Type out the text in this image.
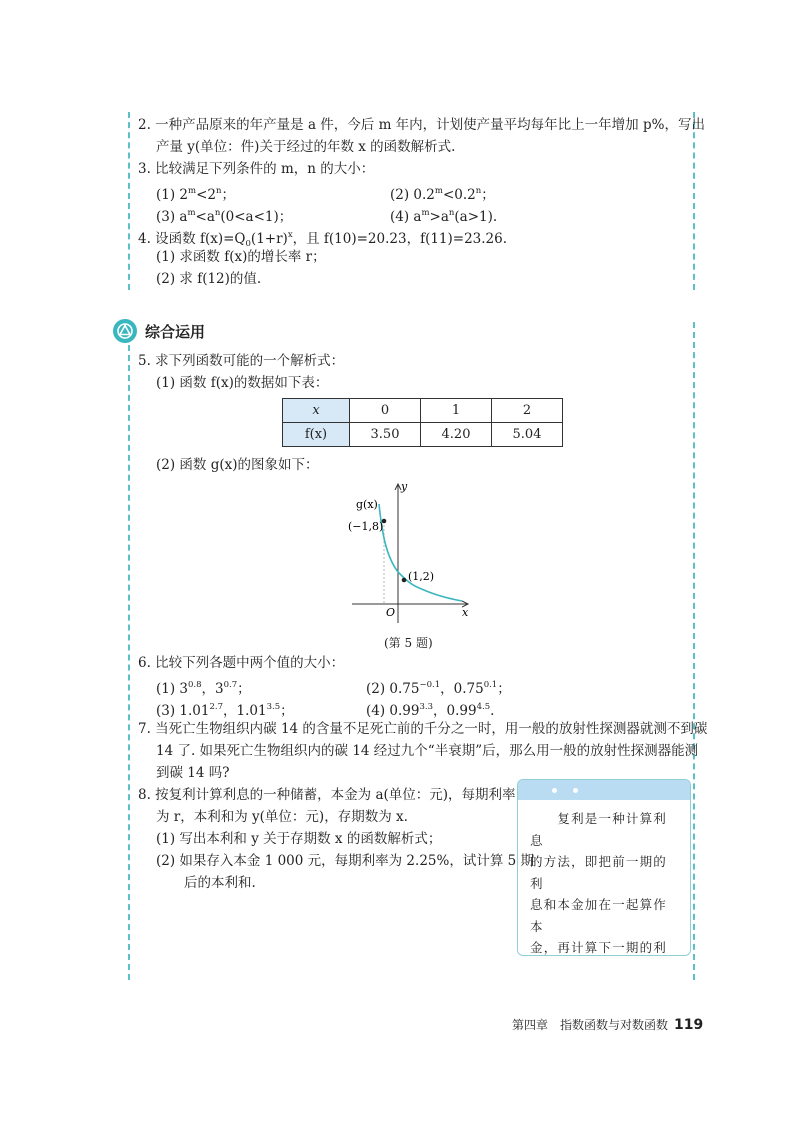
2. 一种产品原来的年产量是 a 件，今后 m 年内，计划使产量平均每年比上一年增加 p%，写出
产量 y(单位：件)关于经过的年数 x 的函数解析式.
3. 比较满足下列条件的 m，n 的大小：
(1) $2^m<2^n$；	(2) $0.2^m<0.2^n$；
(3) $a^m<a^n(0<a<1)$；	(4) $a^m>a^n(a>1)$.
4. 设函数 $f(x)=Q_0(1+r)^x$，且 f(10)=20.23，f(11)=23.26.
(1) 求函数 f(x)的增长率 r；
(2) 求 f(12)的值.
综合运用
5. 求下列函数可能的一个解析式：
(1) 函数 f(x)的数据如下表：
x	0	1	2
f(x)	3.50	4.20	5.04
(2) 函数 g(x)的图象如下：
y
x
O
g(x)
(−1,8)
(1,2)
(第 5 题)
6. 比较下列各题中两个值的大小：
(1) $3^{0.8}$，$3^{0.7}$；	(2) $0.75^{-0.1}$，$0.75^{0.1}$；
(3) $1.01^{2.7}$，$1.01^{3.5}$；	(4) $0.99^{3.3}$，$0.99^{4.5}$.
7. 当死亡生物组织内碳 14 的含量不足死亡前的千分之一时，用一般的放射性探测器就测不到碳
14 了. 如果死亡生物组织内的碳 14 经过九个“半衰期”后，那么用一般的放射性探测器能测
到碳 14 吗?
8. 按复利计算利息的一种储蓄，本金为 a(单位：元)，每期利率
为 r，本利和为 y(单位：元)，存期数为 x.
(1) 写出本利和 y 关于存期数 x 的函数解析式；
(2) 如果存入本金 1 000 元，每期利率为 2.25%，试计算 5 期
后的本利和.

　　复利是一种计算利息

的方法，即把前一期的利

息和本金加在一起算作本

金，再计算下一期的利

第四章　指数函数与对数函数 119
